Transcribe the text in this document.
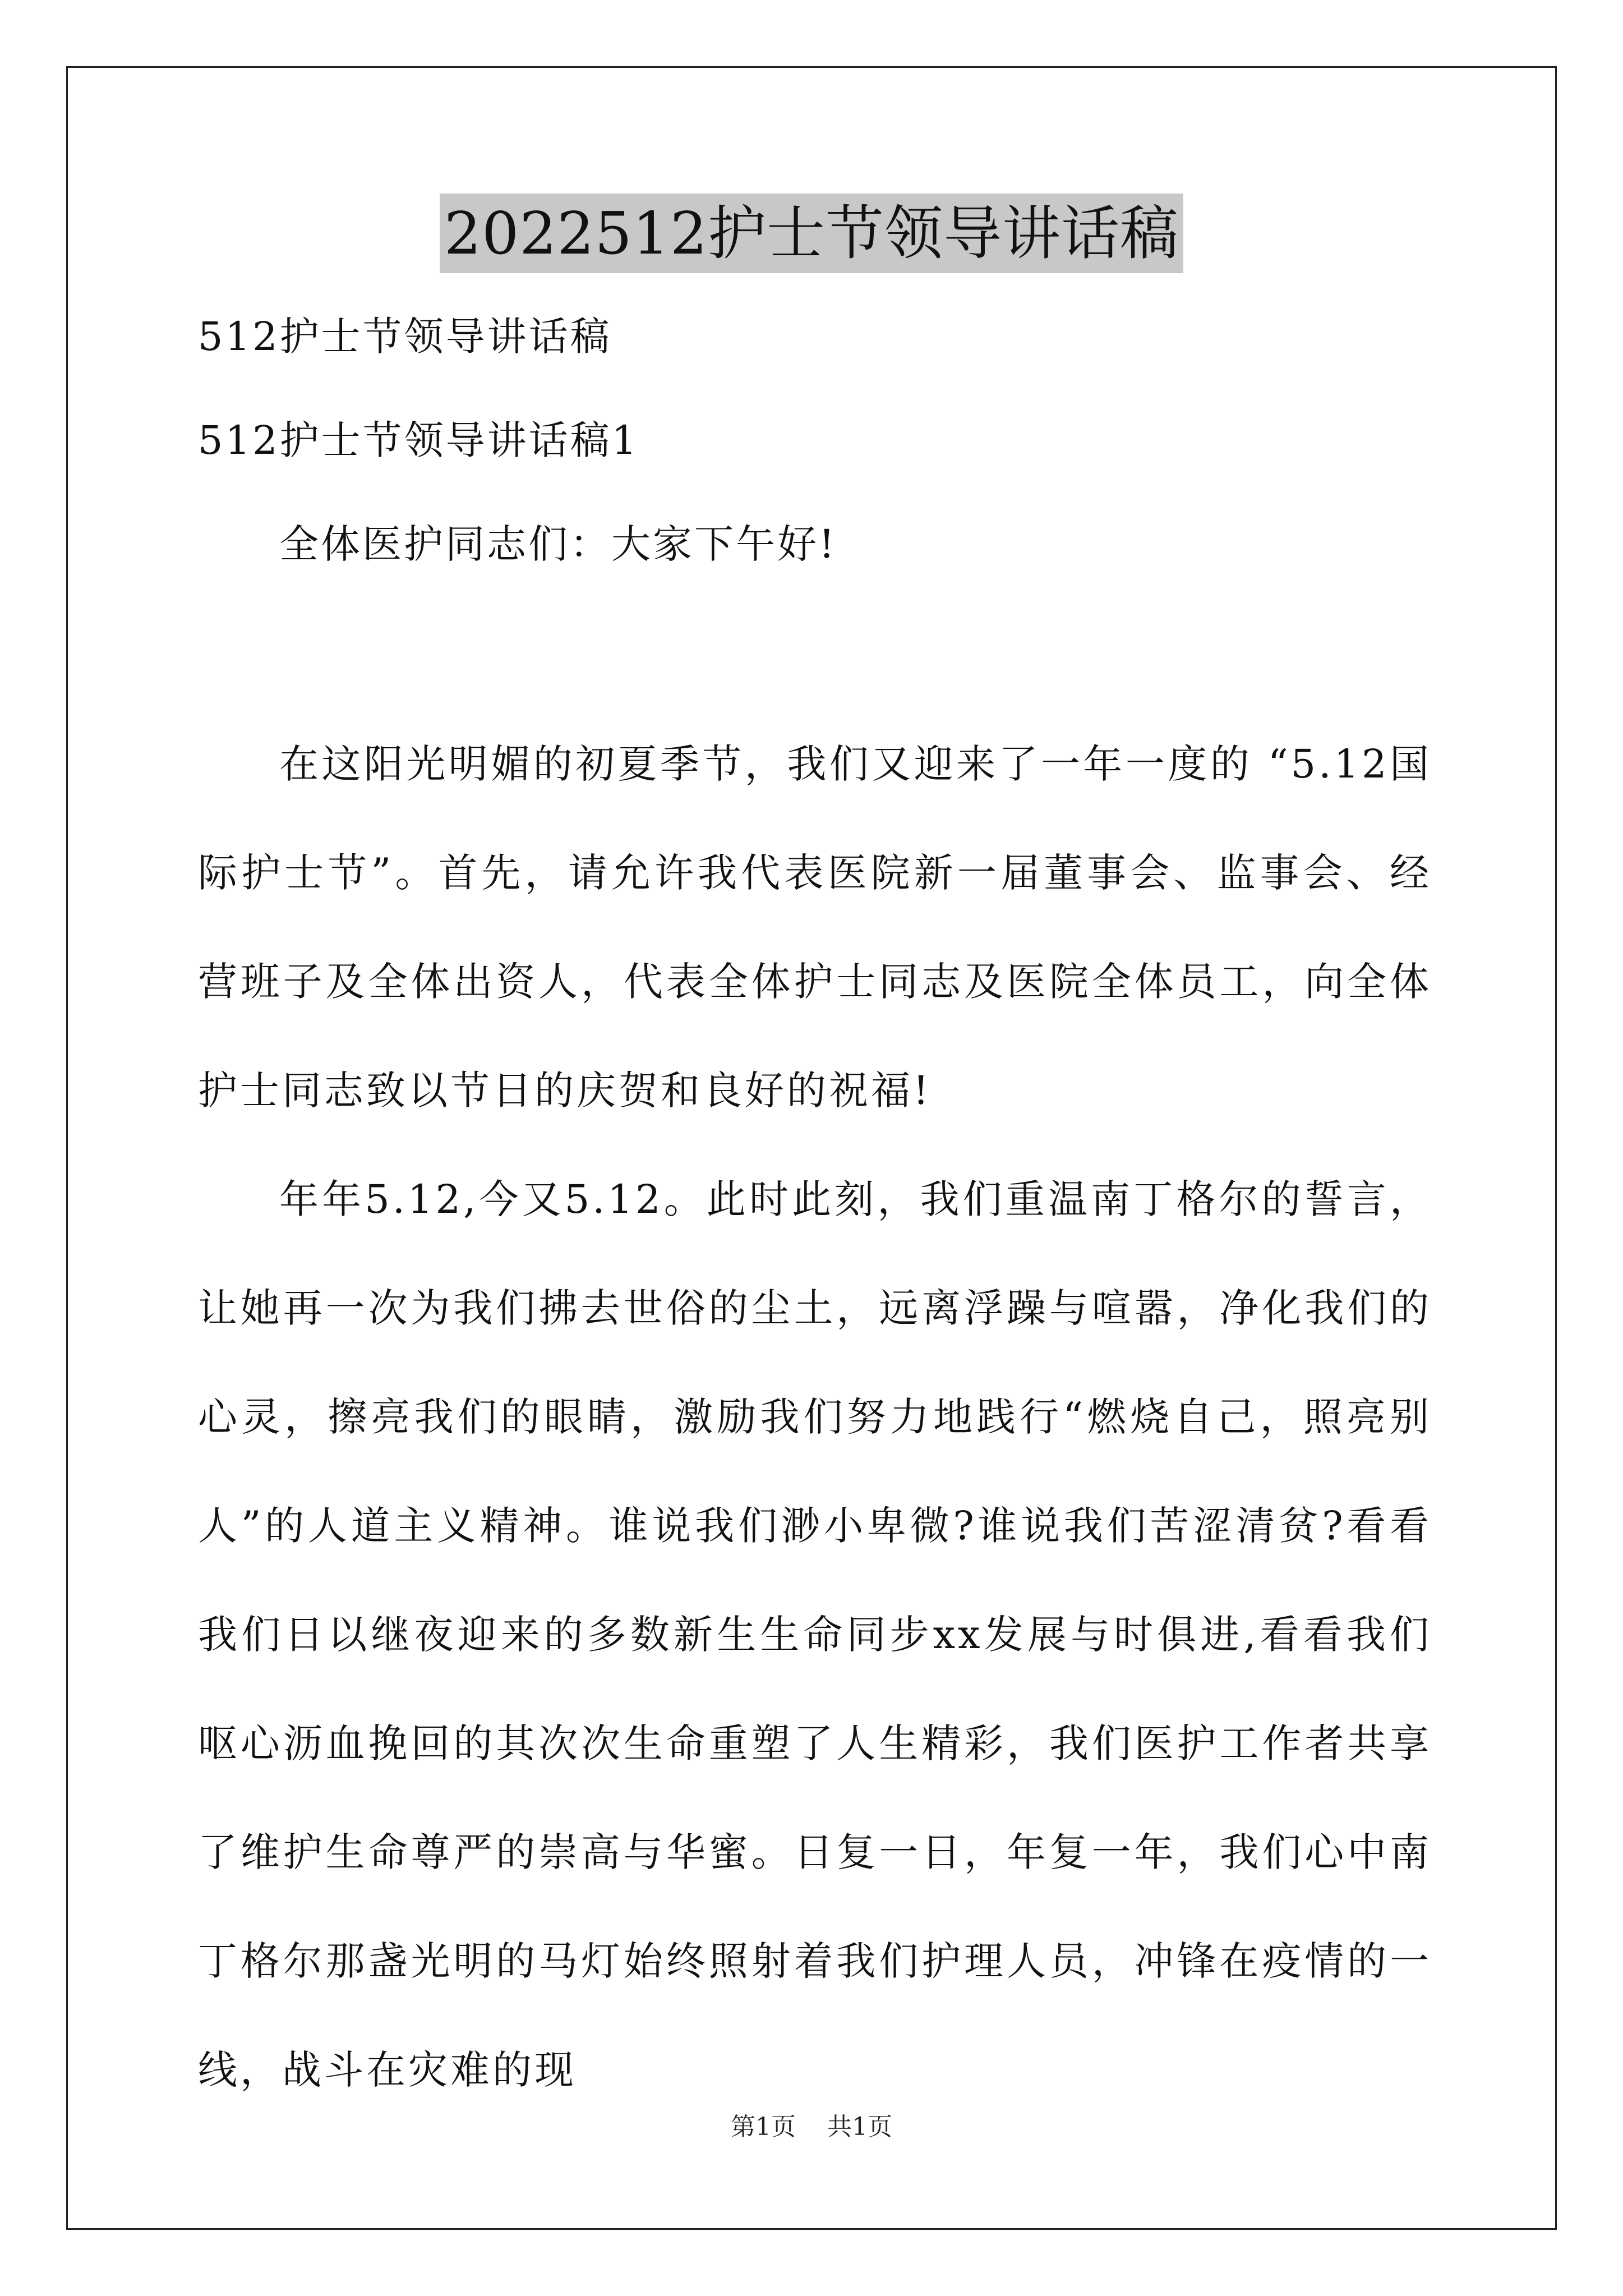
2022512护士节领导讲话稿
512护士节领导讲话稿
512护士节领导讲话稿1
全体医护同志们：大家下午好!
在这阳光明媚的初夏季节，我们又迎来了一年一度的 “5.12国际护士节”。首先，请允许我代表医院新一届董事会、监事会、经营班子及全体出资人，代表全体护士同志及医院全体员工，向全体护士同志致以节日的庆贺和良好的祝福!
年年5.12,今又5.12。此时此刻，我们重温南丁格尔的誓言，让她再一次为我们拂去世俗的尘土，远离浮躁与喧嚣，净化我们的心灵，擦亮我们的眼睛，激励我们努力地践行“燃烧自己，照亮别人”的人道主义精神。谁说我们渺小卑微?谁说我们苦涩清贫?看看我们日以继夜迎来的多数新生生命同步xx发展与时俱进,看看我们呕心沥血挽回的其次次生命重塑了人生精彩，我们医护工作者共享了维护生命尊严的崇高与华蜜。日复一日，年复一年，我们心中南丁格尔那盏光明的马灯始终照射着我们护理人员，冲锋在疫情的一线，战斗在灾难的现
第1页 共1页
